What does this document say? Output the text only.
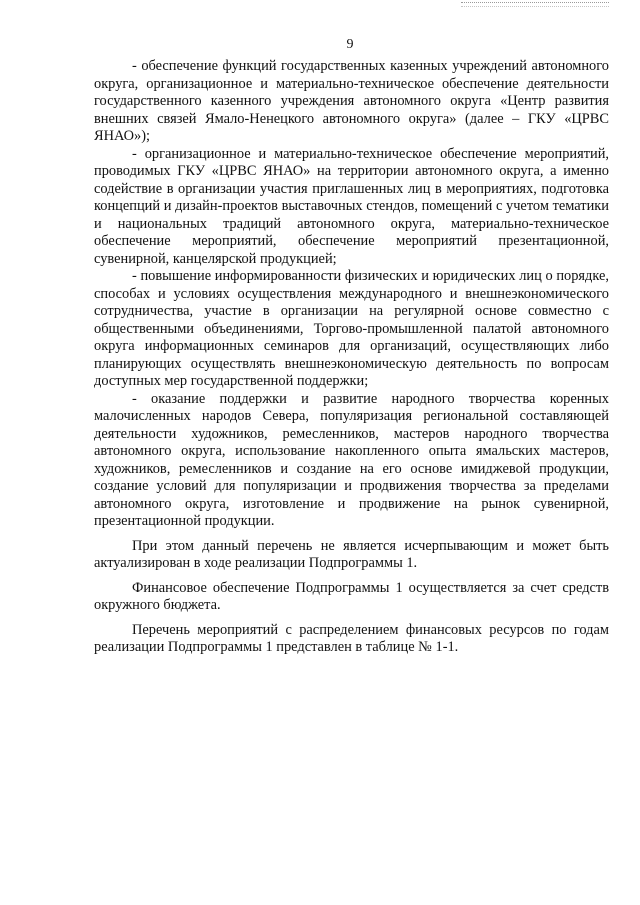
9

- обеспечение функций государственных казенных учреждений автономного округа, организационное и материально-техническое обеспечение деятельности государственного казенного учреждения автономного округа «Центр развития внешних связей Ямало-Ненецкого автономного округа» (далее – ГКУ «ЦРВС ЯНАО»);

- организационное и материально-техническое обеспечение мероприятий, проводимых ГКУ «ЦРВС ЯНАО» на территории автономного округа, а именно содействие в организации участия приглашенных лиц в мероприятиях, подготовка концепций и дизайн-проектов выставочных стендов, помещений с учетом тематики и национальных традиций автономного округа, материально-техническое обеспечение мероприятий, обеспечение мероприятий презентационной, сувенирной, канцелярской продукцией;

- повышение информированности физических и юридических лиц о порядке, способах и условиях осуществления международного и внешнеэкономического сотрудничества, участие в организации на регулярной основе совместно с общественными объединениями, Торгово-промышленной палатой автономного округа информационных семинаров для организаций, осуществляющих либо планирующих осуществлять внешнеэкономическую деятельность по вопросам доступных мер государственной поддержки;

- оказание поддержки и развитие народного творчества коренных малочисленных народов Севера, популяризация региональной составляющей деятельности художников, ремесленников, мастеров народного творчества автономного округа, использование накопленного опыта ямальских мастеров, художников, ремесленников и создание на его основе имиджевой продукции, создание условий для популяризации и продвижения творчества за пределами автономного округа, изготовление и продвижение на рынок сувенирной, презентационной продукции.

При этом данный перечень не является исчерпывающим и может быть актуализирован в ходе реализации Подпрограммы 1.

Финансовое обеспечение Подпрограммы 1 осуществляется за счет средств окружного бюджета.

Перечень мероприятий с распределением финансовых ресурсов по годам реализации Подпрограммы 1 представлен в таблице № 1-1.
